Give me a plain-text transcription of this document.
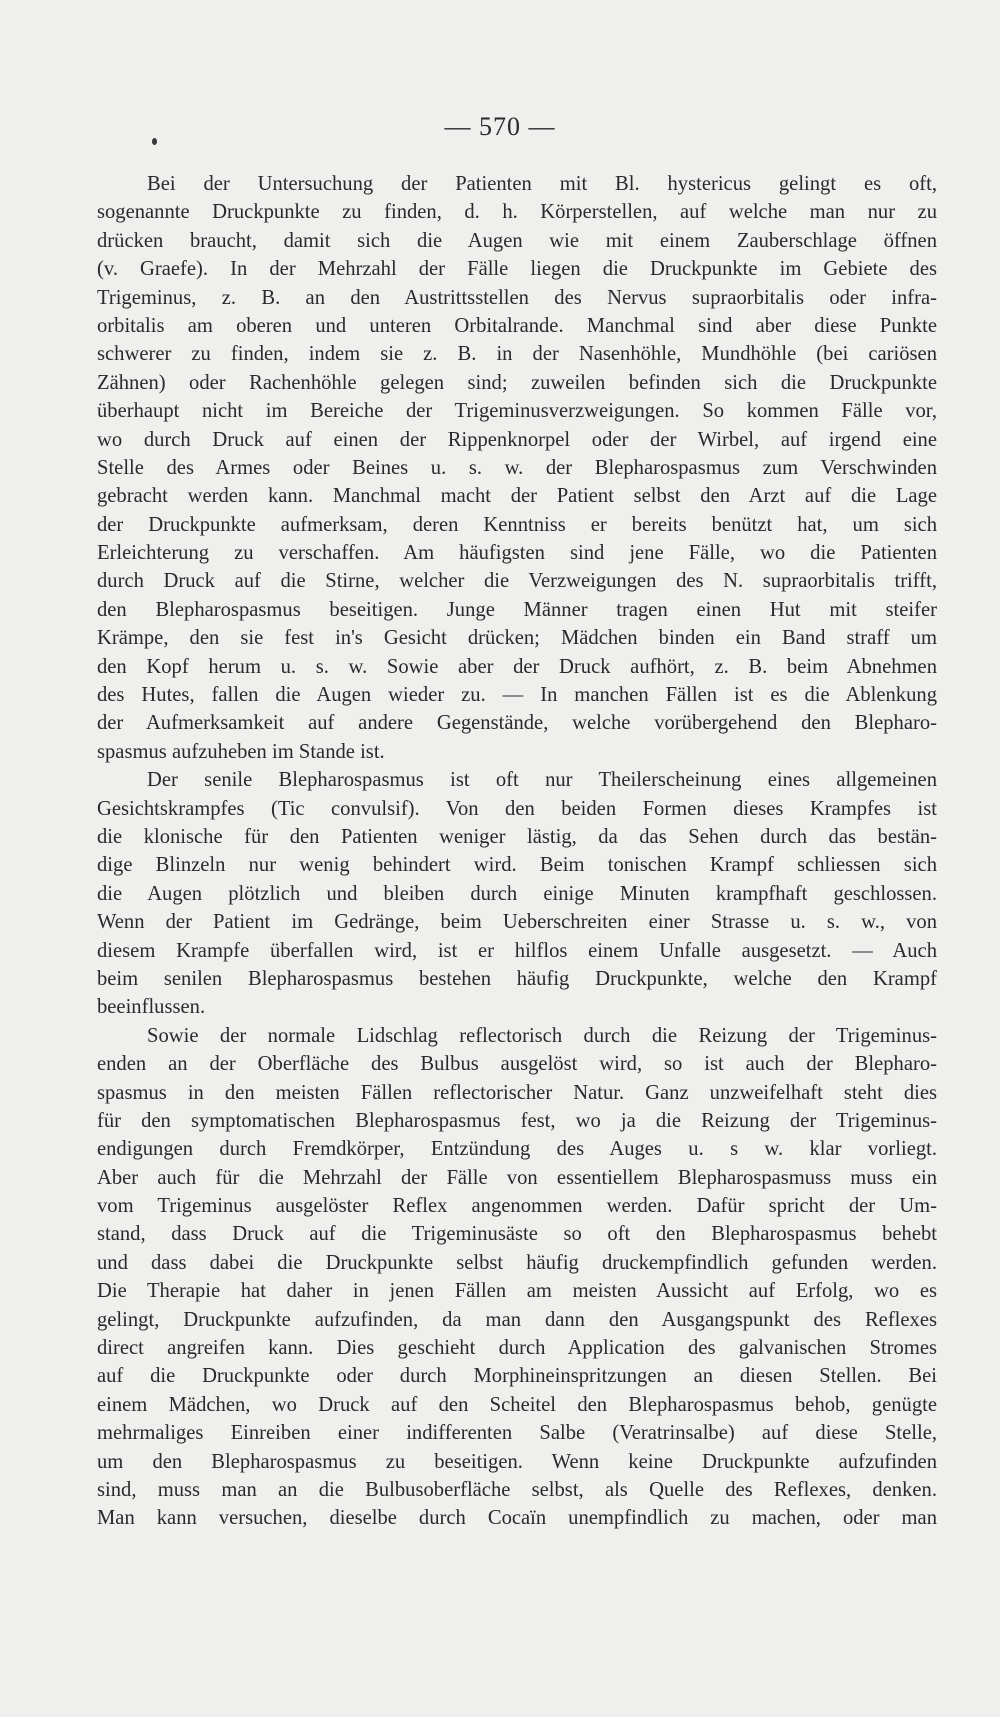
— 570 —
Bei der Untersuchung der Patienten mit Bl. hystericus gelingt es oft,
sogenannte Druckpunkte zu finden, d. h. Körperstellen, auf welche man nur zu
drücken braucht, damit sich die Augen wie mit einem Zauberschlage öffnen
(v. Graefe). In der Mehrzahl der Fälle liegen die Druckpunkte im Gebiete des
Trigeminus, z. B. an den Austrittsstellen des Nervus supraorbitalis oder infra-
orbitalis am oberen und unteren Orbitalrande. Manchmal sind aber diese Punkte
schwerer zu finden, indem sie z. B. in der Nasenhöhle, Mundhöhle (bei cariösen
Zähnen) oder Rachenhöhle gelegen sind; zuweilen befinden sich die Druckpunkte
überhaupt nicht im Bereiche der Trigeminusverzweigungen. So kommen Fälle vor,
wo durch Druck auf einen der Rippenknorpel oder der Wirbel, auf irgend eine
Stelle des Armes oder Beines u. s. w. der Blepharospasmus zum Verschwinden
gebracht werden kann. Manchmal macht der Patient selbst den Arzt auf die Lage
der Druckpunkte aufmerksam, deren Kenntniss er bereits benützt hat, um sich
Erleichterung zu verschaffen. Am häufigsten sind jene Fälle, wo die Patienten
durch Druck auf die Stirne, welcher die Verzweigungen des N. supraorbitalis trifft,
den Blepharospasmus beseitigen. Junge Männer tragen einen Hut mit steifer
Krämpe, den sie fest in's Gesicht drücken; Mädchen binden ein Band straff um
den Kopf herum u. s. w. Sowie aber der Druck aufhört, z. B. beim Abnehmen
des Hutes, fallen die Augen wieder zu. — In manchen Fällen ist es die Ablenkung
der Aufmerksamkeit auf andere Gegenstände, welche vorübergehend den Blepharo-
spasmus aufzuheben im Stande ist.
Der senile Blepharospasmus ist oft nur Theilerscheinung eines allgemeinen
Gesichtskrampfes (Tic convulsif). Von den beiden Formen dieses Krampfes ist
die klonische für den Patienten weniger lästig, da das Sehen durch das bestän-
dige Blinzeln nur wenig behindert wird. Beim tonischen Krampf schliessen sich
die Augen plötzlich und bleiben durch einige Minuten krampfhaft geschlossen.
Wenn der Patient im Gedränge, beim Ueberschreiten einer Strasse u. s. w., von
diesem Krampfe überfallen wird, ist er hilflos einem Unfalle ausgesetzt. — Auch
beim senilen Blepharospasmus bestehen häufig Druckpunkte, welche den Krampf
beeinflussen.
Sowie der normale Lidschlag reflectorisch durch die Reizung der Trigeminus-
enden an der Oberfläche des Bulbus ausgelöst wird, so ist auch der Blepharo-
spasmus in den meisten Fällen reflectorischer Natur. Ganz unzweifelhaft steht dies
für den symptomatischen Blepharospasmus fest, wo ja die Reizung der Trigeminus-
endigungen durch Fremdkörper, Entzündung des Auges u. s w. klar vorliegt.
Aber auch für die Mehrzahl der Fälle von essentiellem Blepharospasmuss muss ein
vom Trigeminus ausgelöster Reflex angenommen werden. Dafür spricht der Um-
stand, dass Druck auf die Trigeminusäste so oft den Blepharospasmus behebt
und dass dabei die Druckpunkte selbst häufig druckempfindlich gefunden werden.
Die Therapie hat daher in jenen Fällen am meisten Aussicht auf Erfolg, wo es
gelingt, Druckpunkte aufzufinden, da man dann den Ausgangspunkt des Reflexes
direct angreifen kann. Dies geschieht durch Application des galvanischen Stromes
auf die Druckpunkte oder durch Morphineinspritzungen an diesen Stellen. Bei
einem Mädchen, wo Druck auf den Scheitel den Blepharospasmus behob, genügte
mehrmaliges Einreiben einer indifferenten Salbe (Veratrinsalbe) auf diese Stelle,
um den Blepharospasmus zu beseitigen. Wenn keine Druckpunkte aufzufinden
sind, muss man an die Bulbusoberfläche selbst, als Quelle des Reflexes, denken.
Man kann versuchen, dieselbe durch Cocaïn unempfindlich zu machen, oder man
